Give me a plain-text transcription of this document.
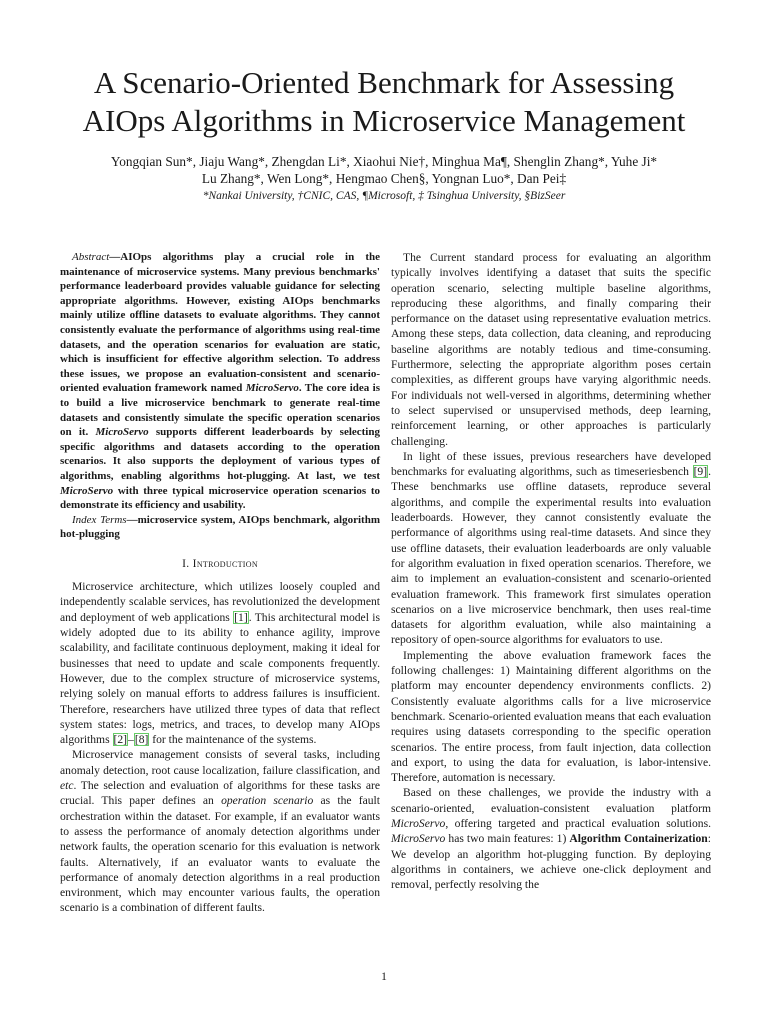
A Scenario-Oriented Benchmark for Assessing
AIOps Algorithms in Microservice Management
Yongqian Sun*, Jiaju Wang*, Zhengdan Li*, Xiaohui Nie†, Minghua Ma¶, Shenglin Zhang*, Yuhe Ji*
Lu Zhang*, Wen Long*, Hengmao Chen§, Yongnan Luo*, Dan Pei‡
*Nankai University, †CNIC, CAS, ¶Microsoft, ‡ Tsinghua University, §BizSeer

Abstract—AIOps algorithms play a crucial role in the maintenance of microservice systems. Many previous benchmarks' performance leaderboard provides valuable guidance for selecting appropriate algorithms. However, existing AIOps benchmarks mainly utilize offline datasets to evaluate algorithms. They cannot consistently evaluate the performance of algorithms using real-time datasets, and the operation scenarios for evaluation are static, which is insufficient for effective algorithm selection. To address these issues, we propose an evaluation-consistent and scenario-oriented evaluation framework named MicroServo. The core idea is to build a live microservice benchmark to generate real-time datasets and consistently simulate the specific operation scenarios on it. MicroServo supports different leaderboards by selecting specific algorithms and datasets according to the operation scenarios. It also supports the deployment of various types of algorithms, enabling algorithms hot-plugging. At last, we test MicroServo with three typical microservice operation scenarios to demonstrate its efficiency and usability.

Index Terms—microservice system, AIOps benchmark, algorithm hot-plugging

I. Introduction

Microservice architecture, which utilizes loosely coupled and independently scalable services, has revolutionized the development and deployment of web applications [1]. This architectural model is widely adopted due to its ability to enhance agility, improve scalability, and facilitate continuous deployment, making it ideal for businesses that need to update and scale components frequently. However, due to the complex structure of microservice systems, relying solely on manual efforts to address failures is insufficient. Therefore, researchers have utilized three types of data that reflect system states: logs, metrics, and traces, to develop many AIOps algorithms [2]–[8] for the maintenance of the systems.

Microservice management consists of several tasks, including anomaly detection, root cause localization, failure classification, and etc. The selection and evaluation of algorithms for these tasks are crucial. This paper defines an operation scenario as the fault orchestration within the dataset. For example, if an evaluator wants to assess the performance of anomaly detection algorithms under network faults, the operation scenario for this evaluation is network faults. Alternatively, if an evaluator wants to evaluate the performance of anomaly detection algorithms in a real production environment, which may encounter various faults, the operation scenario is a combination of different faults.

The Current standard process for evaluating an algorithm typically involves identifying a dataset that suits the specific operation scenario, selecting multiple baseline algorithms, reproducing these algorithms, and finally comparing their performance on the dataset using representative evaluation metrics. Among these steps, data collection, data cleaning, and reproducing baseline algorithms are notably tedious and time-consuming. Furthermore, selecting the appropriate algorithm poses certain complexities, as different groups have varying algorithmic needs. For individuals not well-versed in algorithms, determining whether to select supervised or unsupervised methods, deep learning, reinforcement learning, or other approaches is particularly challenging.

In light of these issues, previous researchers have developed benchmarks for evaluating algorithms, such as timeseriesbench [9]. These benchmarks use offline datasets, reproduce several algorithms, and compile the experimental results into evaluation leaderboards. However, they cannot consistently evaluate the performance of algorithms using real-time datasets. And since they use offline datasets, their evaluation leaderboards are only valuable for algorithm evaluation in fixed operation scenarios. Therefore, we aim to implement an evaluation-consistent and scenario-oriented evaluation framework. This framework first simulates operation scenarios on a live microservice benchmark, then uses real-time datasets for algorithm evaluation, while also maintaining a repository of open-source algorithms for evaluators to use.

Implementing the above evaluation framework faces the following challenges: 1) Maintaining different algorithms on the platform may encounter dependency environments conflicts. 2) Consistently evaluate algorithms calls for a live microservice benchmark. Scenario-oriented evaluation means that each evaluation requires using datasets corresponding to the specific operation scenarios. The entire process, from fault injection, data collection and export, to using the data for evaluation, is labor-intensive. Therefore, automation is necessary.

Based on these challenges, we provide the industry with a scenario-oriented, evaluation-consistent evaluation platform MicroServo, offering targeted and practical evaluation solutions. MicroServo has two main features: 1) Algorithm Containerization: We develop an algorithm hot-plugging function. By deploying algorithms in containers, we achieve one-click deployment and removal, perfectly resolving the

1
